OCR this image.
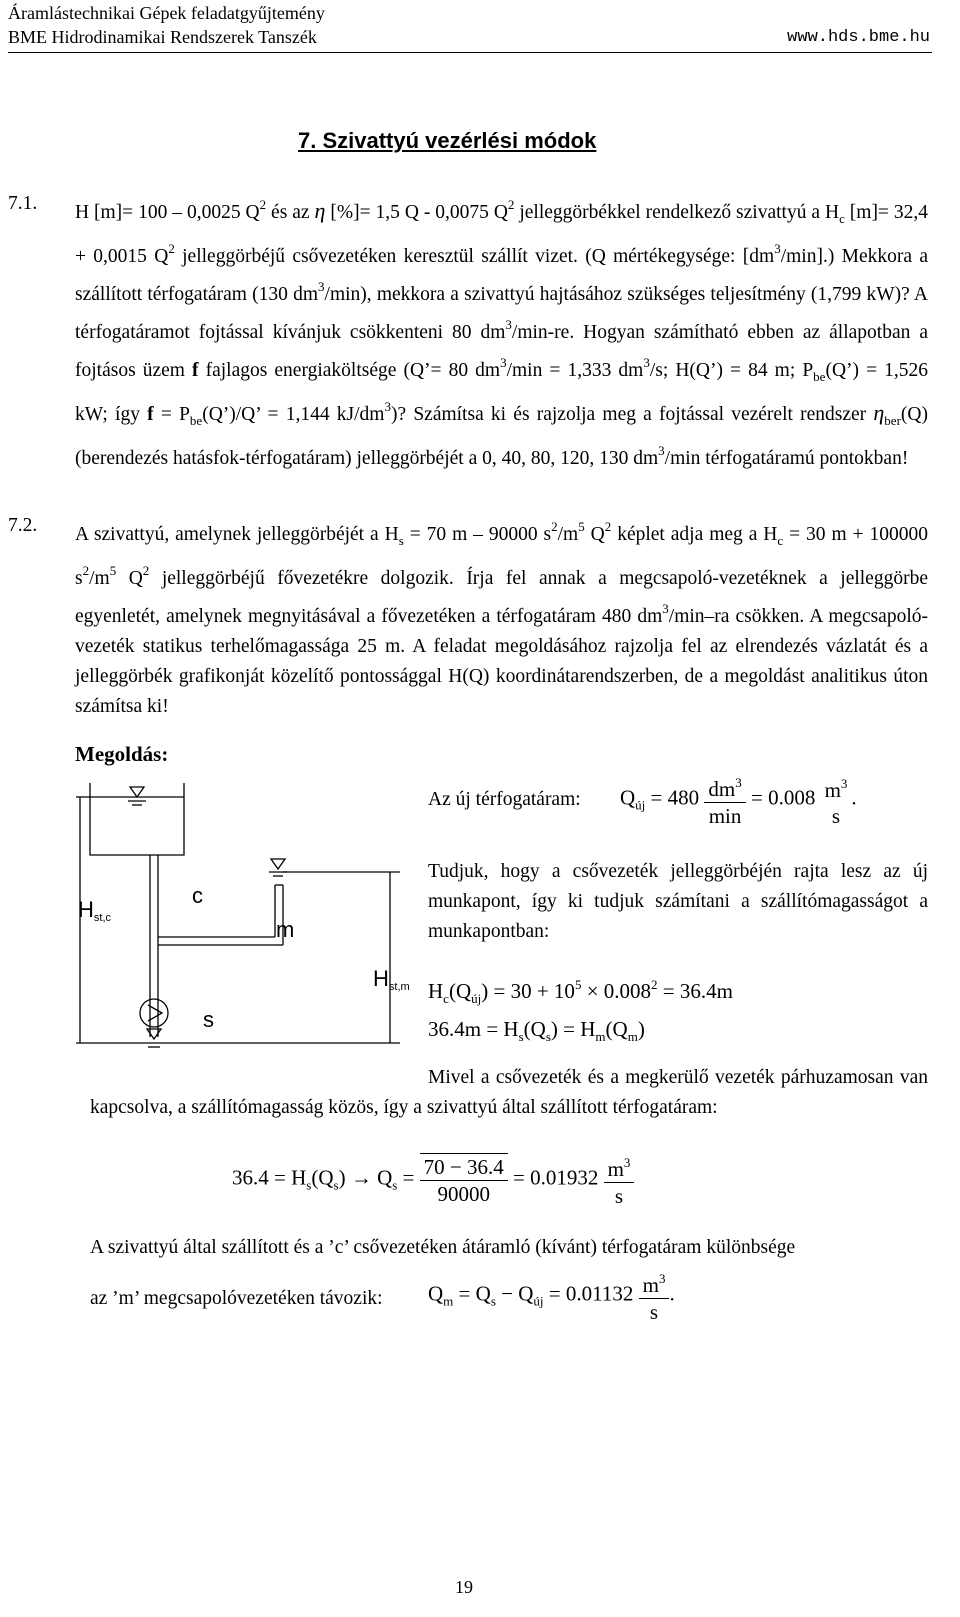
Áramlástechnikai Gépek feladatgyűjtemény
BME Hidrodinamikai Rendszerek Tanszék	www.hds.bme.hu
7. Szivattyú vezérlési módok
7.1. H [m]= 100 – 0,0025 $Q^2$ és az η [%]= 1,5 Q - 0,0075 $Q^2$ jelleggörbékkel rendelkező szivattyú a $H_c$ [m]= 32,4 + 0,0015 $Q^2$ jelleggörbéjű csővezetéken keresztül szállít vizet. (Q mértékegysége: $[dm^3/\min]$.) Mekkora a szállított térfogatáram (130 $dm^3/\min$), mekkora a szivattyú hajtásához szükséges teljesítmény (1,799 kW)? A térfogatáramot fojtással kívánjuk csökkenteni 80 $dm^3/\min-re$. Hogyan számítható ebben az állapotban a fojtásos üzem f fajlagos energiaköltsége (Q’= 80 $dm^3/\min = 1,333$ $dm^3/s$; H(Q’) = 84 m; $P_{be}(Q’) = 1,526$ kW; így $f = P_{be}(Q’)/Q$’ = 1,144 $kJ/dm^3$)? Számítsa ki és rajzolja meg a fojtással vezérelt rendszer $\eta_{ber}(Q)$ (berendezés hatásfok-térfogatáram) jelleggörbéjét a 0, 40, 80, 120, 130 $dm^3/\min$ térfogatáramú pontokban!
7.2. A szivattyú, amelynek jelleggörbéjét a $H_s = 70$ m – 90000 $s^2/m^5$ $Q^2$ képlet adja meg a $H_c = 30$ m + 100000 $s^2/m^5$ $Q^2$ jelleggörbéjű fővezetékre dolgozik. Írja fel annak a megcsapoló-vezetéknek a jelleggörbe egyenletét, amelynek megnyitásával a fővezetéken a térfogatáram 480 $dm^3/\min-ra$ csökken. A megcsapoló-vezeték statikus terhelőmagassága 25 m. A feladat megoldásához rajzolja fel az elrendezés vázlatát és a jelleggörbék grafikonját közelítő pontossággal H(Q) koordinátarendszerben, de a megoldást analitikus úton számítsa ki!
Megoldás:
Hst,c
c
m
Hst,m
s
Az új térfogatáram: $Q_{új} = 480 \frac{dm^3}{\min} = 0.008$ $m^3$
s
.
Tudjuk, hogy a csővezeték jelleggörbéjén rajta lesz az új munkapont, így ki tudjuk számítani a szállítómagasságot a munkapontban:
$H_c(Q_{új}) = 30 + 10^5 \times 0.008^2 = 36.4m$
$36.4m = H_s(Q_s) = H_m(Q_m)$
Mivel a csővezeték és a megkerülő vezeték párhuzamosan van kapcsolva, a szállítómagasság közös, így a szivattyú által szállított térfogatáram:
$36.4 = H_s(Q_s) \to Q_s = \frac{70 - 36.4}{90000} = 0.01932 \frac{m^3}{s}$
A szivattyú által szállított és a ’c’ csővezetéken átáramló (kívánt) térfogatáram különbsége
az ’m’ megcsapolóvezetéken távozik: $Q_m = Q_s - Q_{új} = 0.01132 \frac{m^3}{s}$ .
19
